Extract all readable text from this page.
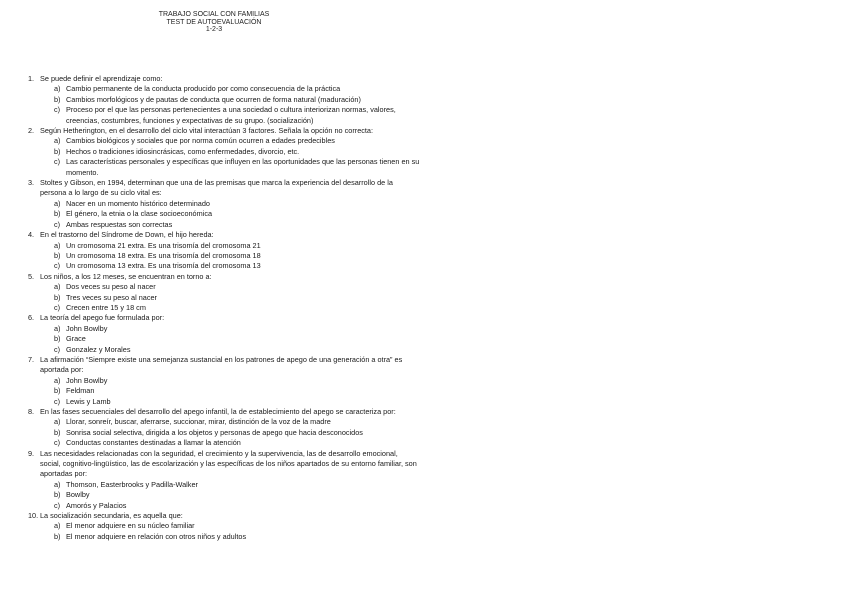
TRABAJO SOCIAL CON FAMILIAS
TEST DE AUTOEVALUACIÓN
1-2-3
1. Se puede definir el aprendizaje como:
a) Cambio permanente de la conducta producido por como consecuencia de la práctica
b) Cambios morfológicos y de pautas de conducta que ocurren de forma natural (maduración)
c) Proceso por el que las personas pertenecientes a una sociedad o cultura interiorizan normas, valores, creencias, costumbres, funciones y expectativas de su grupo. (socialización)
2. Según Hetherington, en el desarrollo del ciclo vital interactúan 3 factores. Señala la opción no correcta:
a) Cambios biológicos y sociales que por norma común ocurren a edades predecibles
b) Hechos o tradiciones idiosincrásicas, como enfermedades, divorcio, etc.
c) Las características personales y específicas que influyen en las oportunidades que las personas tienen en su momento.
3. Stoltes y Gibson, en 1994, determinan que una de las premisas que marca la experiencia del desarrollo de la persona a lo largo de su ciclo vital es:
a) Nacer en un momento histórico determinado
b) El género, la etnia o la clase socioeconómica
c) Ambas respuestas son correctas
4. En el trastorno del Síndrome de Down, el hijo hereda:
a) Un cromosoma 21 extra. Es una trisomía del cromosoma 21
b) Un cromosoma 18 extra. Es una trisomía del cromosoma 18
c) Un cromosoma 13 extra. Es una trisomía del cromosoma 13
5. Los niños, a los 12 meses, se encuentran en torno a:
a) Dos veces su peso al nacer
b) Tres veces su peso al nacer
c) Crecen entre 15 y 18 cm
6. La teoría del apego fue formulada por:
a) John Bowlby
b) Grace
c) Gonzalez y Morales
7. La afirmación “Siempre existe una semejanza sustancial en los patrones de apego de una generación a otra” es aportada por:
a) John Bowlby
b) Feldman
c) Lewis y Lamb
8. En las fases secuenciales del desarrollo del apego infantil, la de establecimiento del apego se caracteriza por:
a) Llorar, sonreír, buscar, aferrarse, succionar, mirar, distinción de la voz de la madre
b) Sonrisa social selectiva, dirigida a los objetos y personas de apego que hacia desconocidos
c) Conductas constantes destinadas a llamar la atención
9. Las necesidades relacionadas con la seguridad, el crecimiento y la supervivencia, las de desarrollo emocional, social, cognitivo-lingüístico, las de escolarización y las específicas de los niños apartados de su entorno familiar, son aportadas por:
a) Thomson, Easterbrooks y Padilla-Walker
b) Bowlby
c) Amorós y Palacios
10. La socialización secundaria, es aquella que:
a) El menor adquiere en su núcleo familiar
b) El menor adquiere en relación con otros niños y adultos
